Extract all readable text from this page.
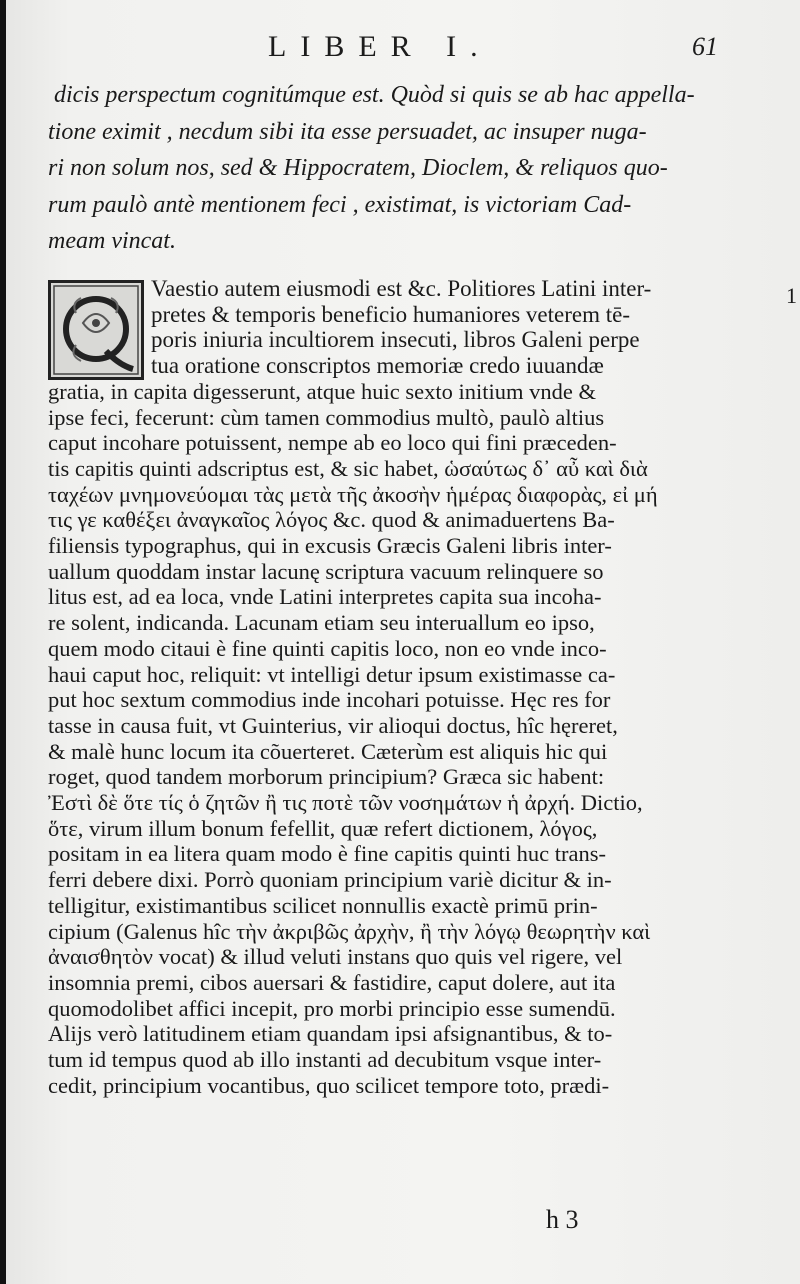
LIBER I.	61
1
dicis perspectum cognitúmque est. Quòd si quis se ab hac appella-
tione eximit , necdum sibi ita esse persuadet, ac insuper nuga-
ri non solum nos, sed & Hippocratem, Dioclem, & reliquos quo-
rum paulò antè mentionem feci , existimat, is victoriam Cad-
meam vincat.
Vaestio autem eiusmodi est &c. Politiores Latini inter-
pretes & temporis beneficio humaniores veterem tē-
poris iniuria incultiorem insecuti, libros Galeni perpe
tua oratione conscriptos memoriæ credo iuuandæ
gratia, in capita digesserunt, atque huic sexto initium vnde &
ipse feci, fecerunt: cùm tamen commodius multò, paulò altius
caput incohare potuissent, nempe ab eo loco qui fini præceden-
tis capitis quinti adscriptus est, & sic habet, ὡσαύτως δ᾽ αὖ καὶ διὰ
ταχέων μνημονεύομαι τὰς μετὰ τῆς ἀκοσὴν ἡμέρας διαφορὰς, εἰ μή
τις γε καθέξει ἀναγκαῖος λόγος &c. quod & animaduertens Ba-
filiensis typographus, qui in excusis Græcis Galeni libris inter-
uallum quoddam instar lacunę scriptura vacuum relinquere so
litus est, ad ea loca, vnde Latini interpretes capita sua incoha-
re solent, indicanda. Lacunam etiam seu interuallum eo ipso,
quem modo citaui è fine quinti capitis loco, non eo vnde inco-
haui caput hoc, reliquit: vt intelligi detur ipsum existimasse ca-
put hoc sextum commodius inde incohari potuisse. Hęc res for
tasse in causa fuit, vt Guinterius, vir alioqui doctus, hîc hęreret,
& malè hunc locum ita cõuerteret. Cæterùm est aliquis hic qui
roget, quod tandem morborum principium? Græca sic habent:
Ἐστὶ δὲ ὅτε τίς ὁ ζητῶν ἢ τις ποτὲ τῶν νοσημάτων ἡ ἀρχή. Dictio,
ὅτε, virum illum bonum fefellit, quæ refert dictionem, λόγος,
positam in ea litera quam modo è fine capitis quinti huc trans-
ferri debere dixi. Porrò quoniam principium variè dicitur & in-
telligitur, existimantibus scilicet nonnullis exactè primū prin-
cipium (Galenus hîc τὴν ἀκριβῶς ἀρχὴν, ἢ τὴν λόγῳ θεωρητὴν καὶ
ἀναισθητὸν vocat) & illud veluti instans quo quis vel rigere, vel
insomnia premi, cibos auersari & fastidire, caput dolere, aut ita
quomodolibet affici incepit, pro morbi principio esse sumendū.
Alijs verò latitudinem etiam quandam ipsi afsignantibus, & to-
tum id tempus quod ab illo instanti ad decubitum vsque inter-
cedit, principium vocantibus, quo scilicet tempore toto, prædi-
h 3
